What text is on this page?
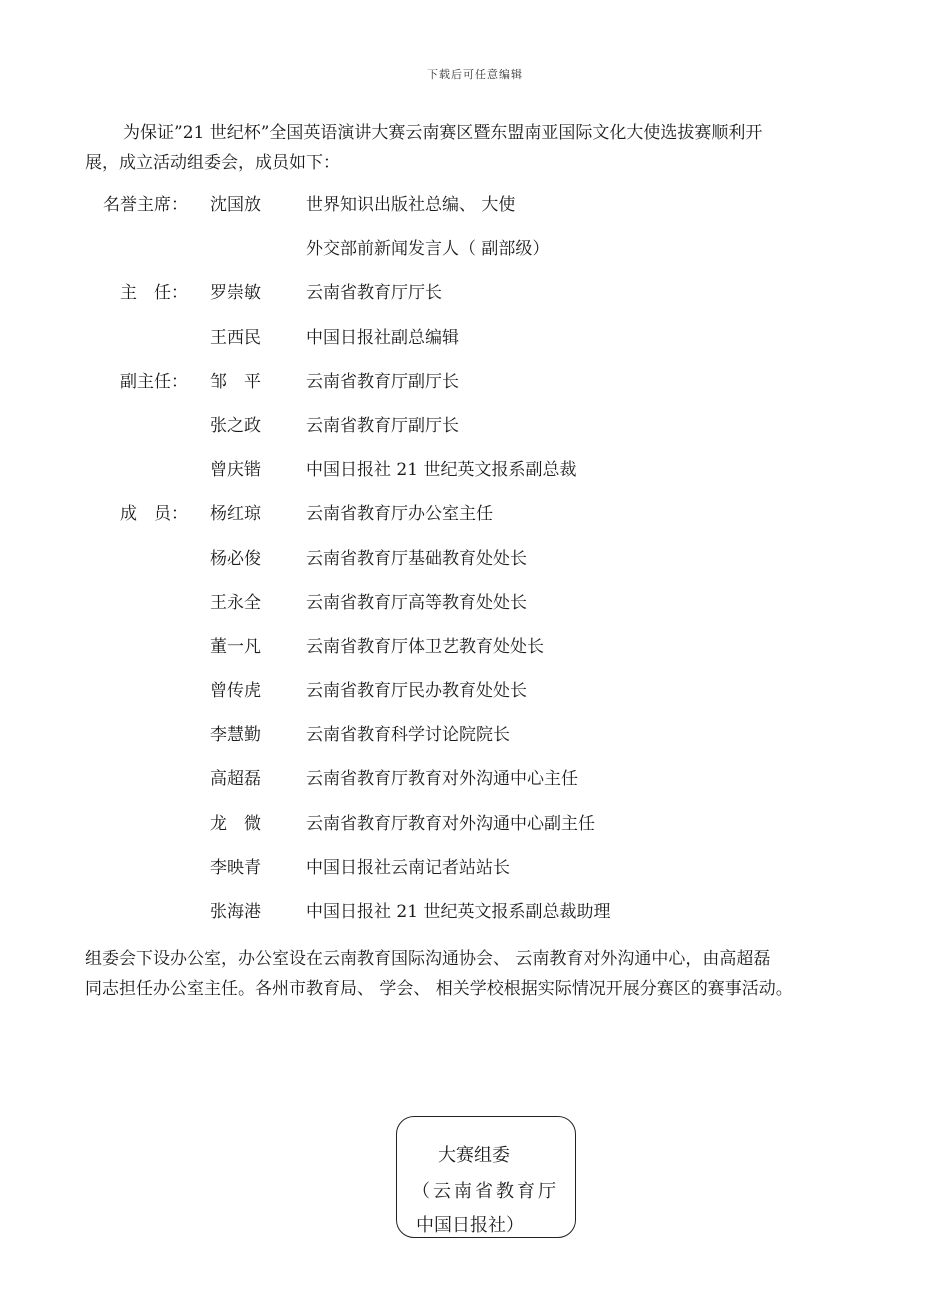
下载后可任意编辑
为保证”21 世纪杯”全国英语演讲大赛云南赛区暨东盟南亚国际文化大使选拔赛顺利开
展，成立活动组委会，成员如下：
名誉主席： 沈国放	世界知识出版社总编、 大使
外交部前新闻发言人（ 副部级）
主　任： 罗崇敏	云南省教育厅厅长
王西民	中国日报社副总编辑
副主任： 邹　平	云南省教育厅副厅长
张之政	云南省教育厅副厅长
曾庆锴	中国日报社 21 世纪英文报系副总裁
成　员： 杨红琼	云南省教育厅办公室主任
杨必俊	云南省教育厅基础教育处处长
王永全	云南省教育厅高等教育处处长
董一凡	云南省教育厅体卫艺教育处处长
曾传虎	云南省教育厅民办教育处处长
李慧勤	云南省教育科学讨论院院长
高超磊	云南省教育厅教育对外沟通中心主任
龙　微	云南省教育厅教育对外沟通中心副主任
李映青	中国日报社云南记者站站长
张海港	中国日报社 21 世纪英文报系副总裁助理
组委会下设办公室，办公室设在云南教育国际沟通协会、 云南教育对外沟通中心，由高超磊
同志担任办公室主任。各州市教育局、 学会、 相关学校根据实际情况开展分赛区的赛事活动。
大赛组委
（云南省教育厅
中国日报社）
